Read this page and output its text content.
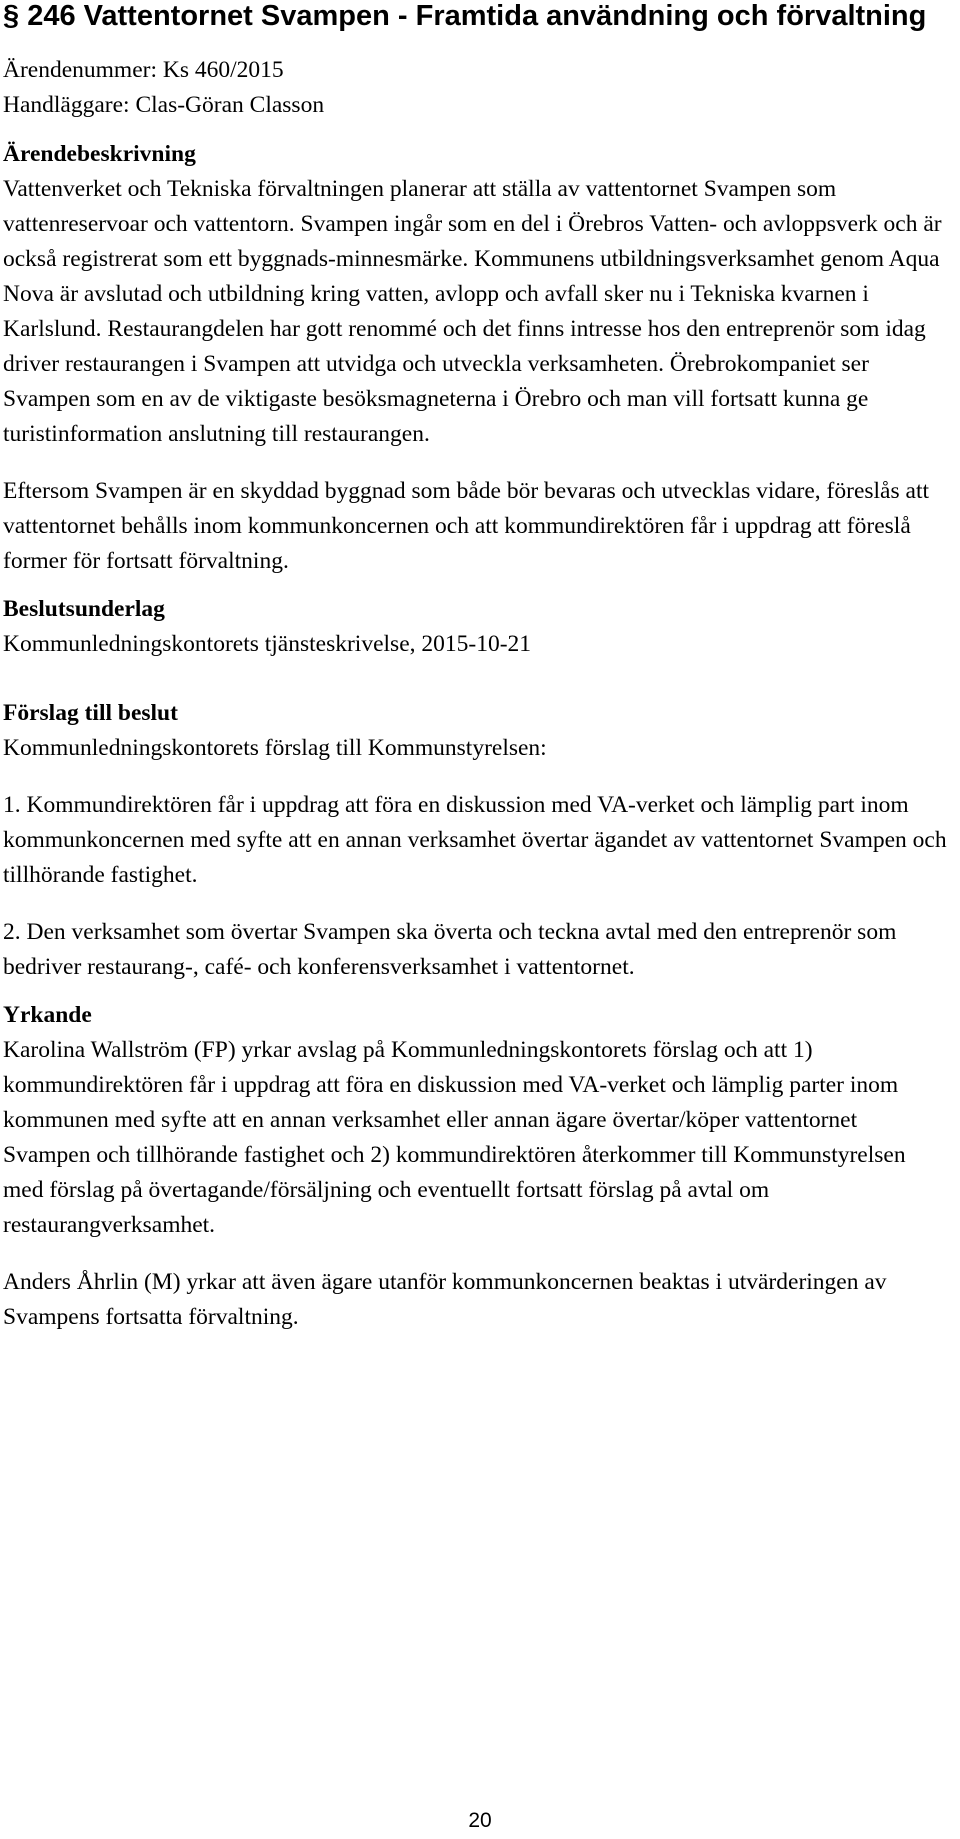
§ 246 Vattentornet Svampen - Framtida användning och förvaltning

Ärendenummer: Ks 460/2015

Handläggare: Clas-Göran Classon

Ärendebeskrivning

Vattenverket och Tekniska förvaltningen planerar att ställa av vattentornet Svampen som vattenreservoar och vattentorn. Svampen ingår som en del i Örebros Vatten- och avloppsverk och är också registrerat som ett byggnads-minnesmärke. Kommunens utbildningsverksamhet genom Aqua Nova är avslutad och utbildning kring vatten, avlopp och avfall sker nu i Tekniska kvarnen i Karlslund. Restaurangdelen har gott renommé och det finns intresse hos den entreprenör som idag driver restaurangen i Svampen att utvidga och utveckla verksamheten. Örebrokompaniet ser Svampen som en av de viktigaste besöksmagneterna i Örebro och man vill fortsatt kunna ge turistinformation anslutning till restaurangen.

Eftersom Svampen är en skyddad byggnad som både bör bevaras och utvecklas vidare, föreslås att vattentornet behålls inom kommunkoncernen och att kommundirektören får i uppdrag att föreslå former för fortsatt förvaltning.

Beslutsunderlag

Kommunledningskontorets tjänsteskrivelse, 2015-10-21

Förslag till beslut

Kommunledningskontorets förslag till Kommunstyrelsen:

1. Kommundirektören får i uppdrag att föra en diskussion med VA-verket och lämplig part inom kommunkoncernen med syfte att en annan verksamhet övertar ägandet av vattentornet Svampen och tillhörande fastighet.

2. Den verksamhet som övertar Svampen ska överta och teckna avtal med den entreprenör som bedriver restaurang-, café- och konferensverksamhet i vattentornet.

Yrkande

Karolina Wallström (FP) yrkar avslag på Kommunledningskontorets förslag och att 1) kommundirektören får i uppdrag att föra en diskussion med VA-verket och lämplig parter inom kommunen med syfte att en annan verksamhet eller annan ägare övertar/köper vattentornet Svampen och tillhörande fastighet och 2) kommundirektören återkommer till Kommunstyrelsen med förslag på övertagande/försäljning och eventuellt fortsatt förslag på avtal om restaurangverksamhet.

Anders Åhrlin (M) yrkar att även ägare utanför kommunkoncernen beaktas i utvärderingen av Svampens fortsatta förvaltning.

20
